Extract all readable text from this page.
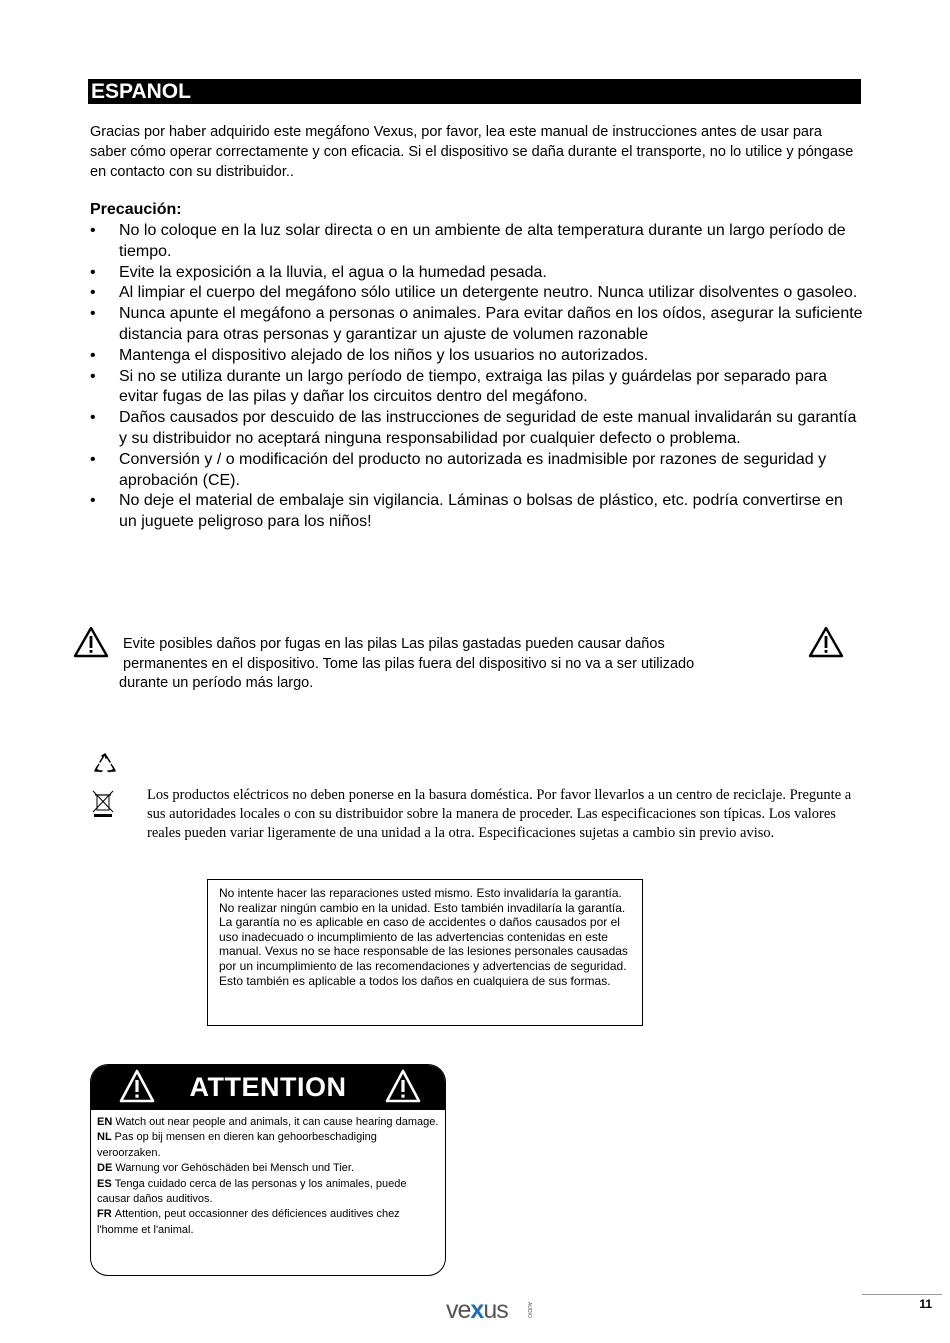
ESPANOL

Gracias por haber adquirido este megáfono Vexus, por favor, lea este manual de instrucciones antes de usar para saber cómo operar correctamente y con eficacia. Si el dispositivo se daña durante el transporte, no lo utilice y póngase en contacto con su distribuidor..

Precaución:

• No lo coloque en la luz solar directa o en un ambiente de alta temperatura durante un largo período de tiempo.
• Evite la exposición a la lluvia, el agua o la humedad pesada.
• Al limpiar el cuerpo del megáfono sólo utilice un detergente neutro. Nunca utilizar disolventes o gasoleo.
• Nunca apunte el megáfono a personas o animales. Para evitar daños en los oídos, asegurar la suficiente distancia para otras personas y garantizar un ajuste de volumen razonable
• Mantenga el dispositivo alejado de los niños y los usuarios no autorizados.
• Si no se utiliza durante un largo período de tiempo, extraiga las pilas y guárdelas por separado para evitar fugas de las pilas y dañar los circuitos dentro del megáfono.
• Daños causados por descuido de las instrucciones de seguridad de este manual invalidarán su garantía y su distribuidor no aceptará ninguna responsabilidad por cualquier defecto o problema.
• Conversión y / o modificación del producto no autorizada es inadmisible por razones de seguridad y aprobación (CE).
• No deje el material de embalaje sin vigilancia. Láminas o bolsas de plástico, etc. podría convertirse en un juguete peligroso para los niños!

Evite posibles daños por fugas en las pilas Las pilas gastadas pueden causar daños
permanentes en el dispositivo. Tome las pilas fuera del dispositivo si no va a ser utilizado
durante un período más largo.

Los productos eléctricos no deben ponerse en la basura doméstica. Por favor llevarlos a un centro de reciclaje. Pregunte a sus autoridades locales o con su distribuidor sobre la manera de proceder. Las especificaciones son típicas. Los valores reales pueden variar ligeramente de una unidad a la otra. Especificaciones sujetas a cambio sin previo aviso.

No intente hacer las reparaciones usted mismo. Esto invalidaría la garantía. No realizar ningún cambio en la unidad. Esto también invadilaría la garantía. La garantía no es aplicable en caso de accidentes o daños causados por el uso inadecuado o incumplimiento de las advertencias contenidas en este manual. Vexus no se hace responsable de las lesiones personales causadas por un incumplimiento de las recomendaciones y advertencias de seguridad. Esto también es aplicable a todos los daños en cualquiera de sus formas.
ATTENTION

EN Watch out near people and animals, it can cause hearing damage.

NL Pas op bij mensen en dieren kan gehoorbeschadiging veroorzaken.

DE Warnung vor Gehöschäden bei Mensch und Tier.

ES Tenga cuidado cerca de las personas y los animales, puede causar daños auditivos.

FR Attention, peut occasionner des déficiences auditives chez l'homme et l'animal.

vexus	AUDIO	11
